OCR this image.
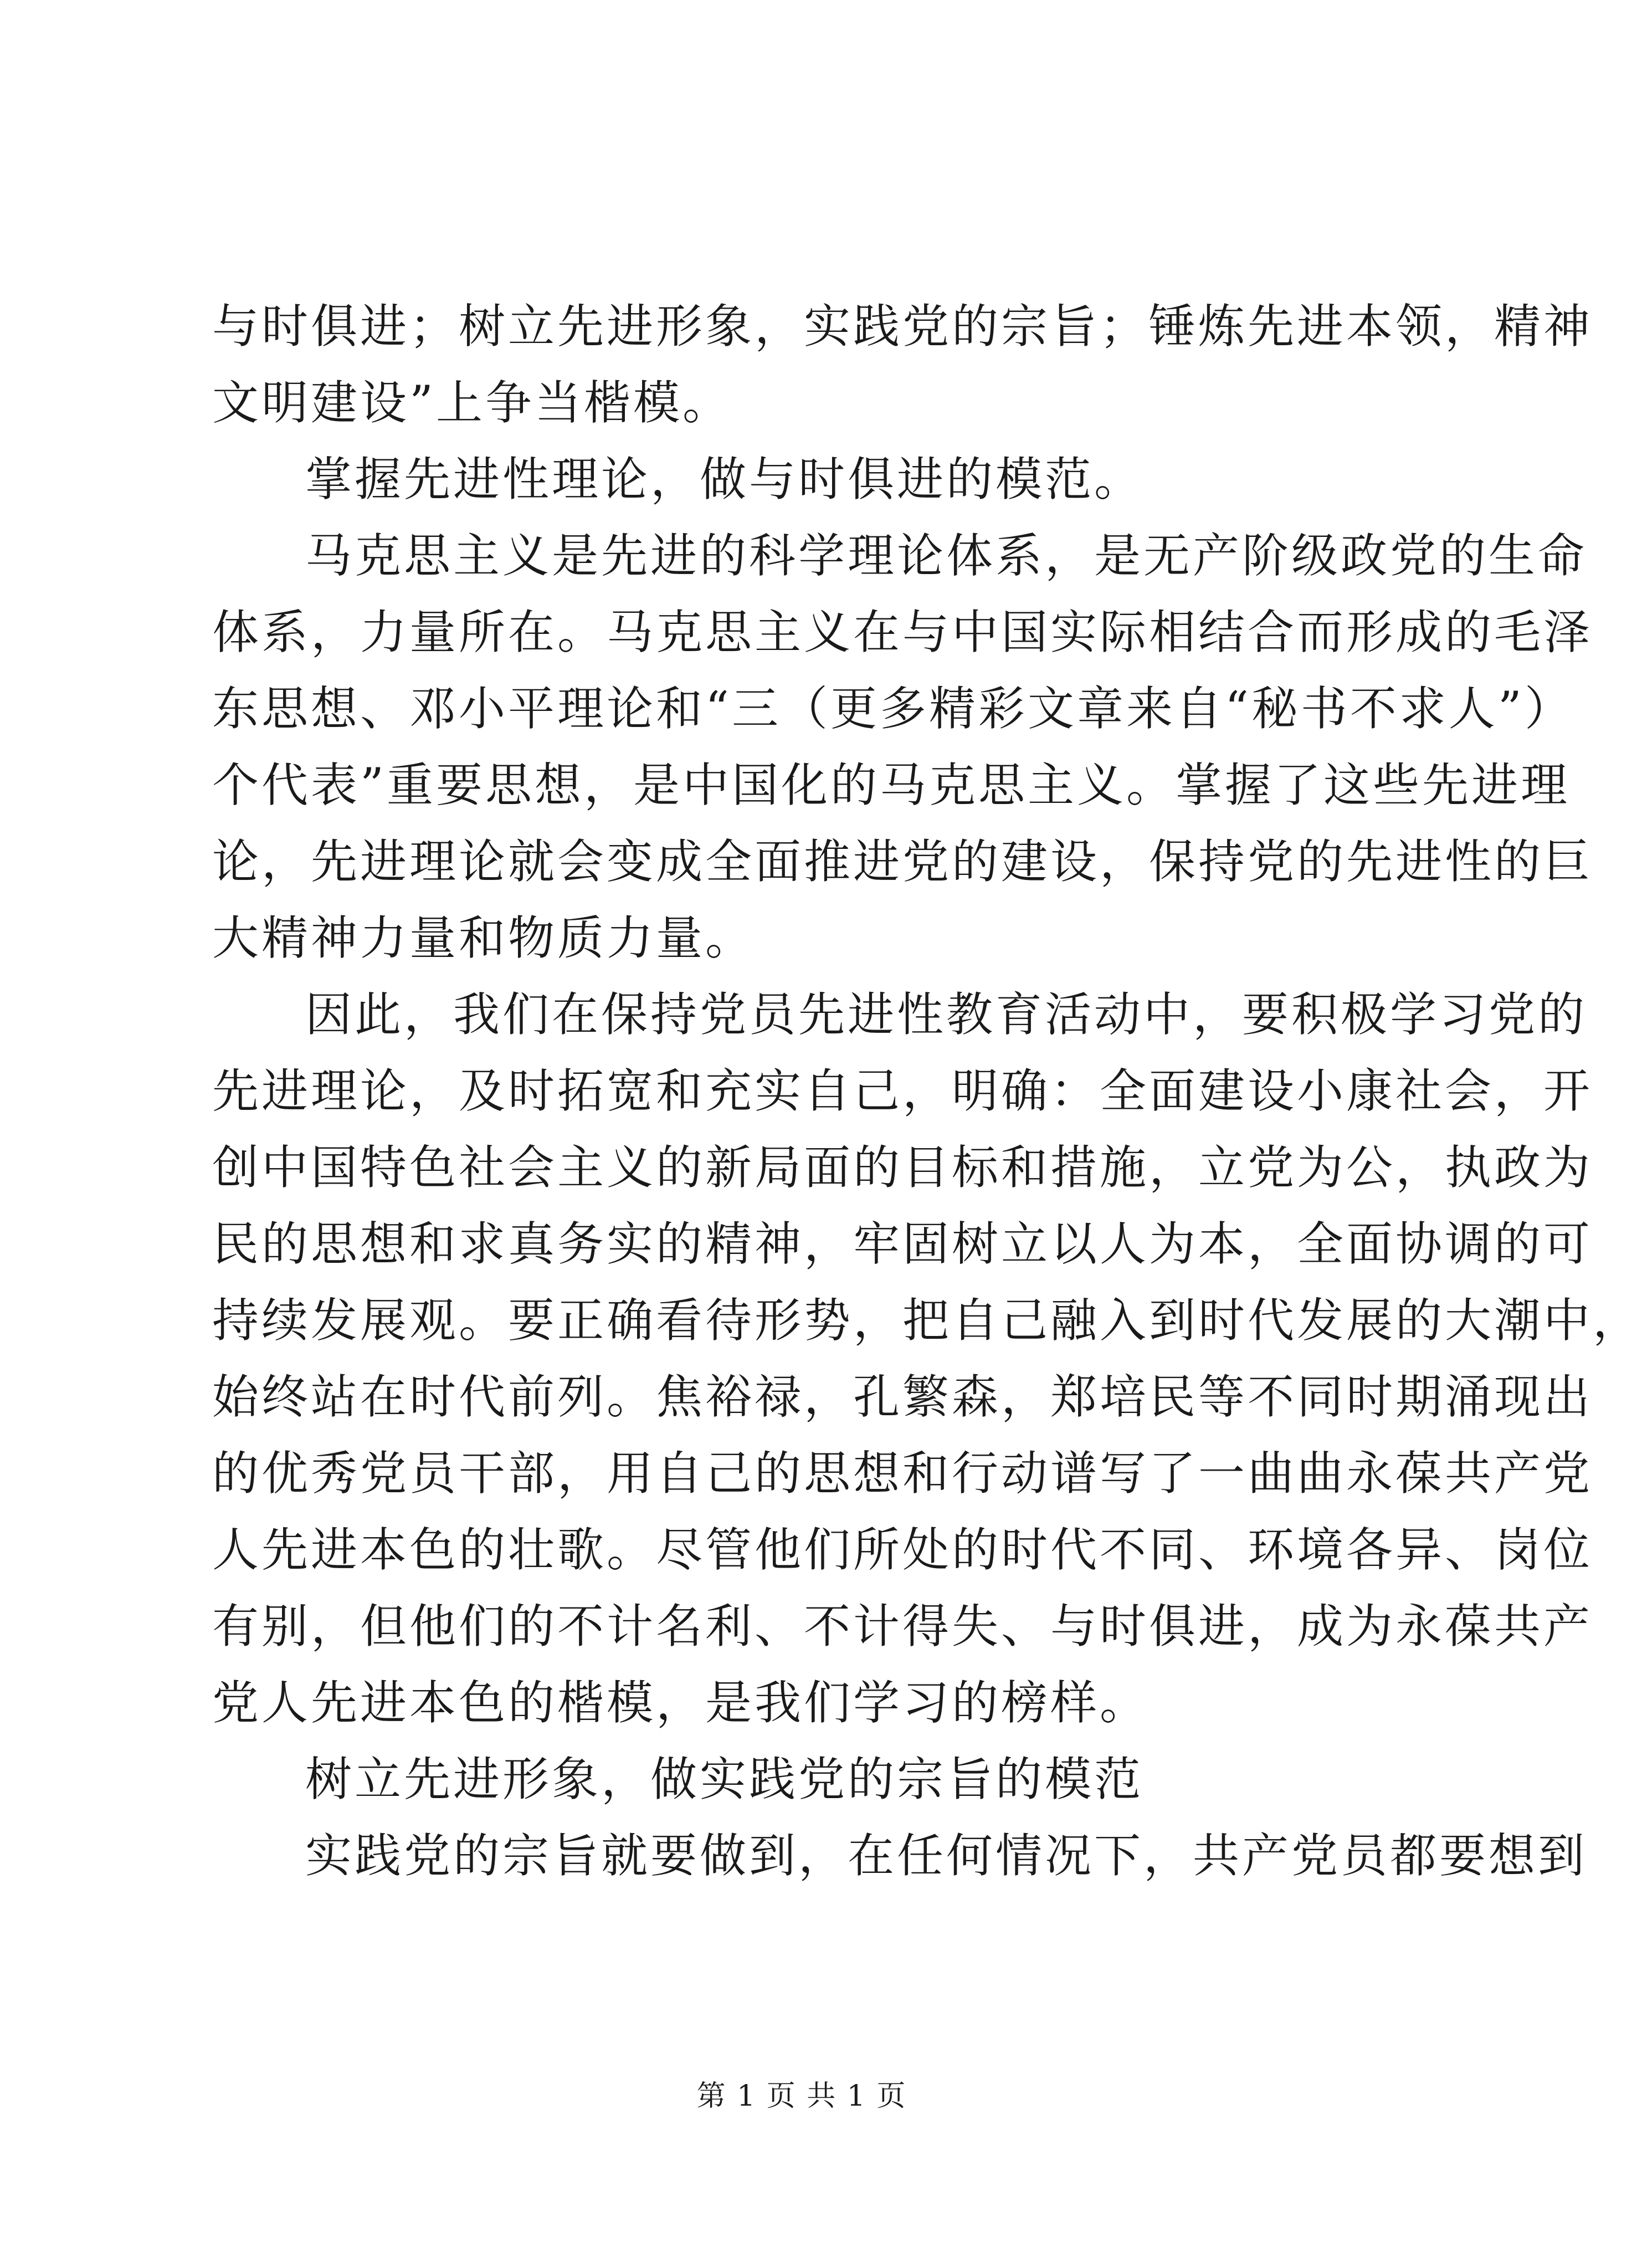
与时俱进；树立先进形象，实践党的宗旨；锤炼先进本领，精神
文明建设”上争当楷模。
掌握先进性理论，做与时俱进的模范。
马克思主义是先进的科学理论体系，是无产阶级政党的生命
体系，力量所在。马克思主义在与中国实际相结合而形成的毛泽
东思想、邓小平理论和“三（更多精彩文章来自“秘书不求人”）
个代表”重要思想，是中国化的马克思主义。掌握了这些先进理
论，先进理论就会变成全面推进党的建设，保持党的先进性的巨
大精神力量和物质力量。
因此，我们在保持党员先进性教育活动中，要积极学习党的
先进理论，及时拓宽和充实自己，明确：全面建设小康社会，开
创中国特色社会主义的新局面的目标和措施，立党为公，执政为
民的思想和求真务实的精神，牢固树立以人为本，全面协调的可
持续发展观。要正确看待形势，把自己融入到时代发展的大潮中，
始终站在时代前列。焦裕禄，孔繁森，郑培民等不同时期涌现出
的优秀党员干部，用自己的思想和行动谱写了一曲曲永葆共产党
人先进本色的壮歌。尽管他们所处的时代不同、环境各异、岗位
有别，但他们的不计名利、不计得失、与时俱进，成为永葆共产
党人先进本色的楷模，是我们学习的榜样。
树立先进形象，做实践党的宗旨的模范
实践党的宗旨就要做到，在任何情况下，共产党员都要想到
第 1 页 共 1 页
